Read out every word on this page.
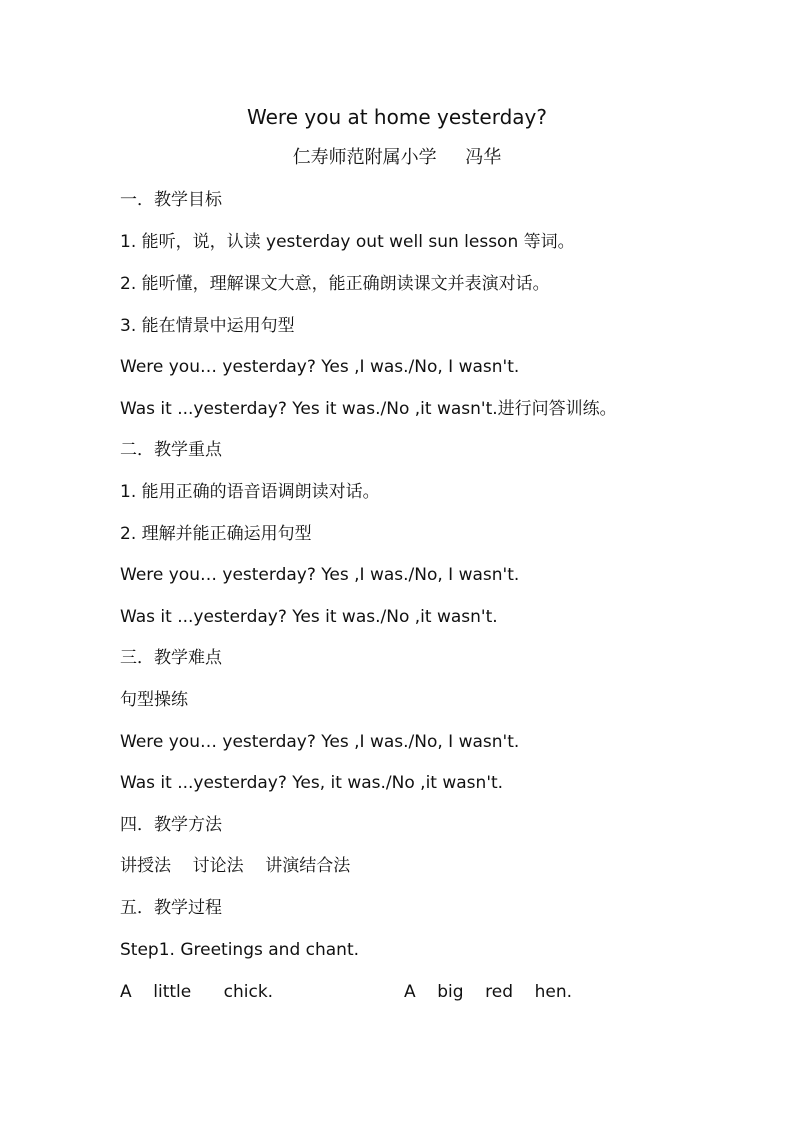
Were you at home yesterday?
仁寿师范附属小学     冯华
一．教学目标
1. 能听，说，认读 yesterday out well sun lesson 等词。
2. 能听懂，理解课文大意，能正确朗读课文并表演对话。
3. 能在情景中运用句型
Were you… yesterday? Yes ,I was./No, I wasn't.
Was it ...yesterday? Yes it was./No ,it wasn't.进行问答训练。
二．教学重点
1. 能用正确的语音语调朗读对话。
2. 理解并能正确运用句型
Were you… yesterday? Yes ,I was./No, I wasn't.
Was it ...yesterday? Yes it was./No ,it wasn't.
三．教学难点
句型操练
Were you… yesterday? Yes ,I was./No, I wasn't.
Was it ...yesterday? Yes, it was./No ,it wasn't.
四．教学方法
讲授法    讨论法    讲演结合法
五．教学过程
Step1. Greetings and chant.
A    little      chick.	A    big    red    hen.
